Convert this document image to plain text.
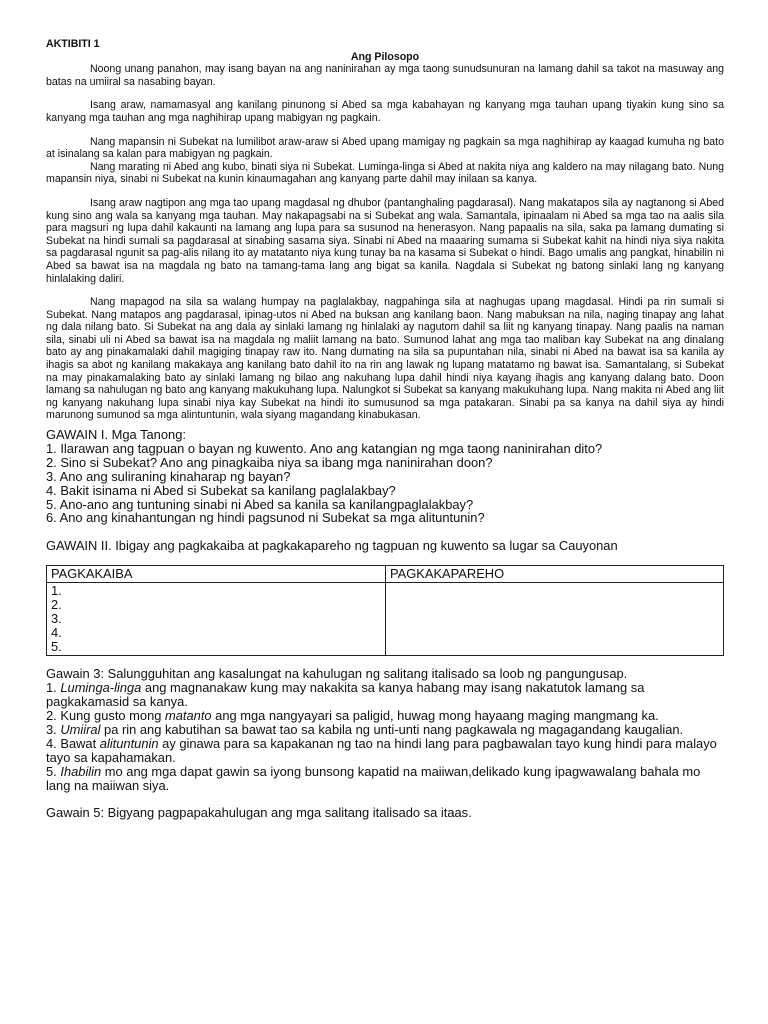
AKTIBITI 1

Ang Pilosopo

Noong unang panahon, may isang bayan na ang naninirahan ay mga taong sunudsunuran na lamang dahil sa takot na masuway ang batas na umiiral sa nasabing bayan.

Isang araw, namamasyal ang kanilang pinunong si Abed sa mga kabahayan ng kanyang mga tauhan upang tiyakin kung sino sa kanyang mga tauhan ang mga naghihirap upang mabigyan ng pagkain.

Nang mapansin ni Subekat na lumilibot araw-araw si Abed upang mamigay ng pagkain sa mga naghihirap ay kaagad kumuha ng bato at isinalang sa kalan para mabigyan ng pagkain.

Nang marating ni Abed ang kubo, binati siya ni Subekat. Luminga-linga si Abed at nakita niya ang kaldero na may nilagang bato. Nung mapansin niya, sinabi ni Subekat na kunin kinaumagahan ang kanyang parte dahil may inilaan sa kanya.

Isang araw nagtipon ang mga tao upang magdasal ng dhubor (pantanghaling pagdarasal). Nang makatapos sila ay nagtanong si Abed kung sino ang wala sa kanyang mga tauhan. May nakapagsabi na si Subekat ang wala. Samantala, ipinaalam ni Abed sa mga tao na aalis sila para magsuri ng lupa dahil kakaunti na lamang ang lupa para sa susunod na henerasyon. Nang papaalis na sila, saka pa lamang dumating si Subekat na hindi sumali sa pagdarasal at sinabing sasama siya. Sinabi ni Abed na maaaring sumama si Subekat kahit na hindi niya siya nakita sa pagdarasal ngunit sa pag-alis nilang ito ay matatanto niya kung tunay ba na kasama si Subekat o hindi. Bago umalis ang pangkat, hinabilin ni Abed sa bawat isa na magdala ng bato na tamang-tama lang ang bigat sa kanila. Nagdala si Subekat ng batong sinlaki lang ng kanyang hinlalaking daliri.

Nang mapagod na sila sa walang humpay na paglalakbay, nagpahinga sila at naghugas upang magdasal. Hindi pa rin sumali si Subekat. Nang matapos ang pagdarasal, ipinag-utos ni Abed na buksan ang kanilang baon. Nang mabuksan na nila, naging tinapay ang lahat ng dala nilang bato. Si Subekat na ang dala ay sinlaki lamang ng hinlalaki ay nagutom dahil sa liit ng kanyang tinapay. Nang paalis na naman sila, sinabi uli ni Abed sa bawat isa na magdala ng maliit lamang na bato. Sumunod lahat ang mga tao maliban kay Subekat na ang dinalang bato ay ang pinakamalaki dahil magiging tinapay raw ito. Nang dumating na sila sa pupuntahan nila, sinabi ni Abed na bawat isa sa kanila ay ihagis sa abot ng kanilang makakaya ang kanilang bato dahil ito na rin ang lawak ng lupang matatamo ng bawat isa. Samantalang, si Subekat na may pinakamalaking bato ay sinlaki lamang ng bilao ang nakuhang lupa dahil hindi niya kayang ihagis ang kanyang dalang bato. Doon lamang sa nahulugan ng bato ang kanyang makukuhang lupa. Nalungkot si Subekat sa kanyang makukuhang lupa. Nang makita ni Abed ang liit ng kanyang nakuhang lupa sinabi niya kay Subekat na hindi ito sumusunod sa mga patakaran. Sinabi pa sa kanya na dahil siya ay hindi marunong sumunod sa mga alintuntunin, wala siyang magandang kinabukasan.

GAWAIN I. Mga Tanong:

1. Ilarawan ang tagpuan o bayan ng kuwento. Ano ang katangian ng mga taong naninirahan dito?
2. Sino si Subekat? Ano ang pinagkaiba niya sa ibang mga naninirahan doon?
3. Ano ang suliraning kinaharap ng bayan?
4. Bakit isinama ni Abed si Subekat sa kanilang paglalakbay?
5. Ano-ano ang tuntuning sinabi ni Abed sa kanila sa kanilangpaglalakbay?
6. Ano ang kinahantungan ng hindi pagsunod ni Subekat sa mga alituntunin?

GAWAIN II. Ibigay ang pagkakaiba at pagkakapareho ng tagpuan ng kuwento sa lugar sa Cauyonan

PAGKAKAIBA	PAGKAKAPAREHO

1.
2.
3.
4.
5.	

Gawain 3: Salungguhitan ang kasalungat na kahulugan ng salitang italisado sa loob ng pangungusap.

1. Luminga-linga ang magnanakaw kung may nakakita sa kanya habang may isang nakatutok lamang sa pagkakamasid sa kanya.

2. Kung gusto mong matanto ang mga nangyayari sa paligid, huwag mong hayaang maging mangmang ka.

3. Umiiral pa rin ang kabutihan sa bawat tao sa kabila ng unti-unti nang pagkawala ng magagandang kaugalian.

4. Bawat alituntunin ay ginawa para sa kapakanan ng tao na hindi lang para pagbawalan tayo kung hindi para malayo tayo sa kapahamakan.

5. Ihabilin mo ang mga dapat gawin sa iyong bunsong kapatid na maiiwan,delikado kung ipagwawalang bahala mo lang na maiiwan siya.

Gawain 5: Bigyang pagpapakahulugan ang mga salitang italisado sa itaas.
